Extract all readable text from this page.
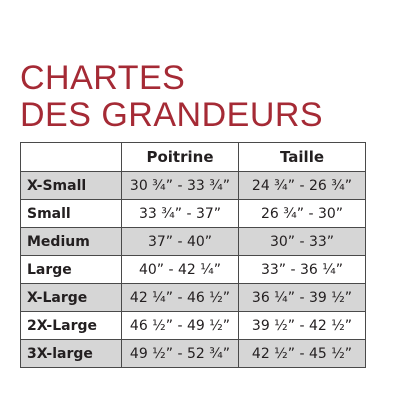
CHARTES
DES GRANDEURS
	Poitrine	Taille
X-Small	30 ¾” - 33 ¾”	24 ¾” - 26 ¾”
Small	33 ¾” - 37”	26 ¾” - 30”
Medium	37” - 40”	30” - 33”
Large	40” - 42 ¼”	33” - 36 ¼”
X-Large	42 ¼” - 46 ½”	36 ¼” - 39 ½”
2X-Large	46 ½” - 49 ½”	39 ½” - 42 ½”
3X-large	49 ½” - 52 ¾”	42 ½” - 45 ½”
